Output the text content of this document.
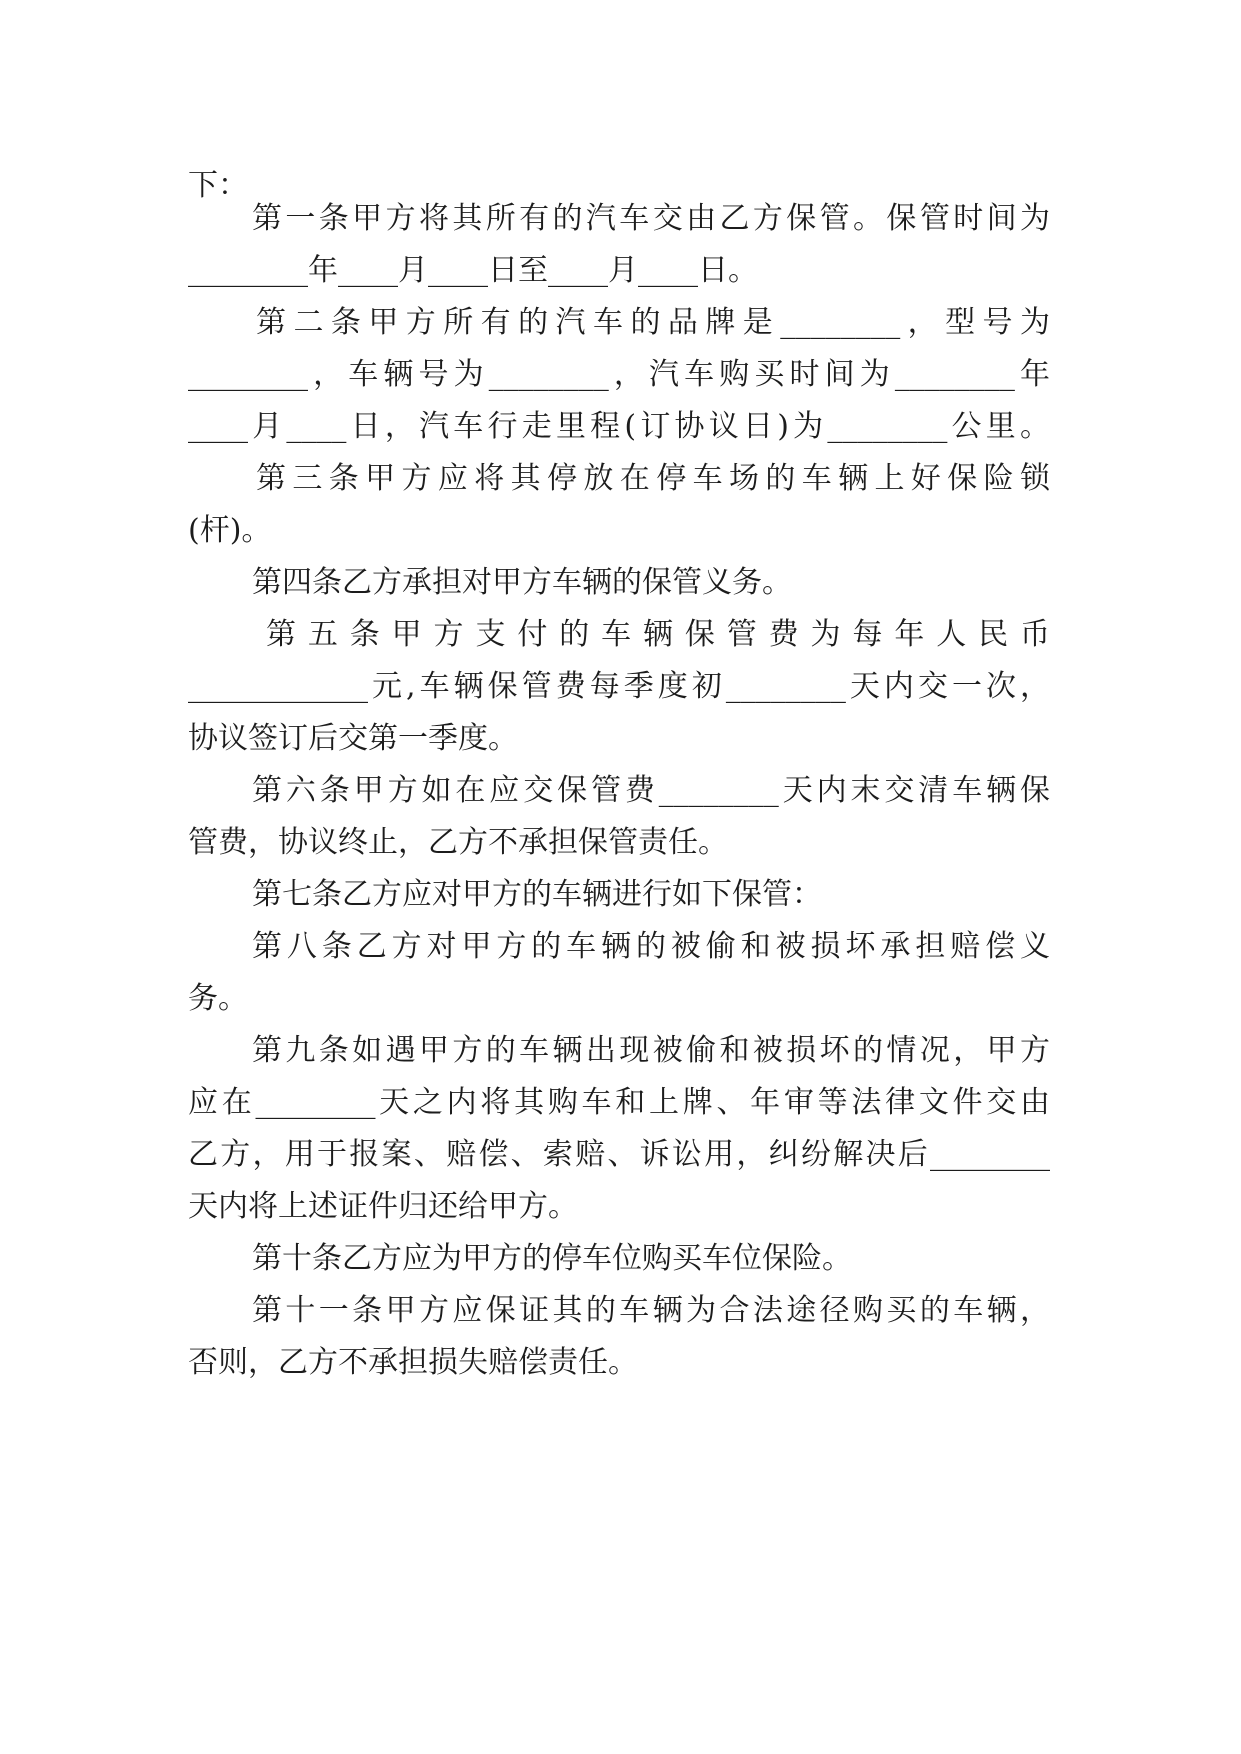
下：
第一条甲方将其所有的汽车交由乙方保管。保管时间为
________年____月____日至____月____日。
第二条甲方所有的汽车的品牌是________，型号为
________，车辆号为________，汽车购买时间为________年
____月____日，汽车行走里程(订协议日)为________公里。
第三条甲方应将其停放在停车场的车辆上好保险锁
(杆)。
第四条乙方承担对甲方车辆的保管义务。
第五条甲方支付的车辆保管费为每年人民币
____________元,车辆保管费每季度初________天内交一次，
协议签订后交第一季度。
第六条甲方如在应交保管费________天内末交清车辆保
管费，协议终止，乙方不承担保管责任。
第七条乙方应对甲方的车辆进行如下保管：
第八条乙方对甲方的车辆的被偷和被损坏承担赔偿义
务。
第九条如遇甲方的车辆出现被偷和被损坏的情况，甲方
应在________天之内将其购车和上牌、年审等法律文件交由
乙方，用于报案、赔偿、索赔、诉讼用，纠纷解决后________
天内将上述证件归还给甲方。
第十条乙方应为甲方的停车位购买车位保险。
第十一条甲方应保证其的车辆为合法途径购买的车辆，
否则，乙方不承担损失赔偿责任。
